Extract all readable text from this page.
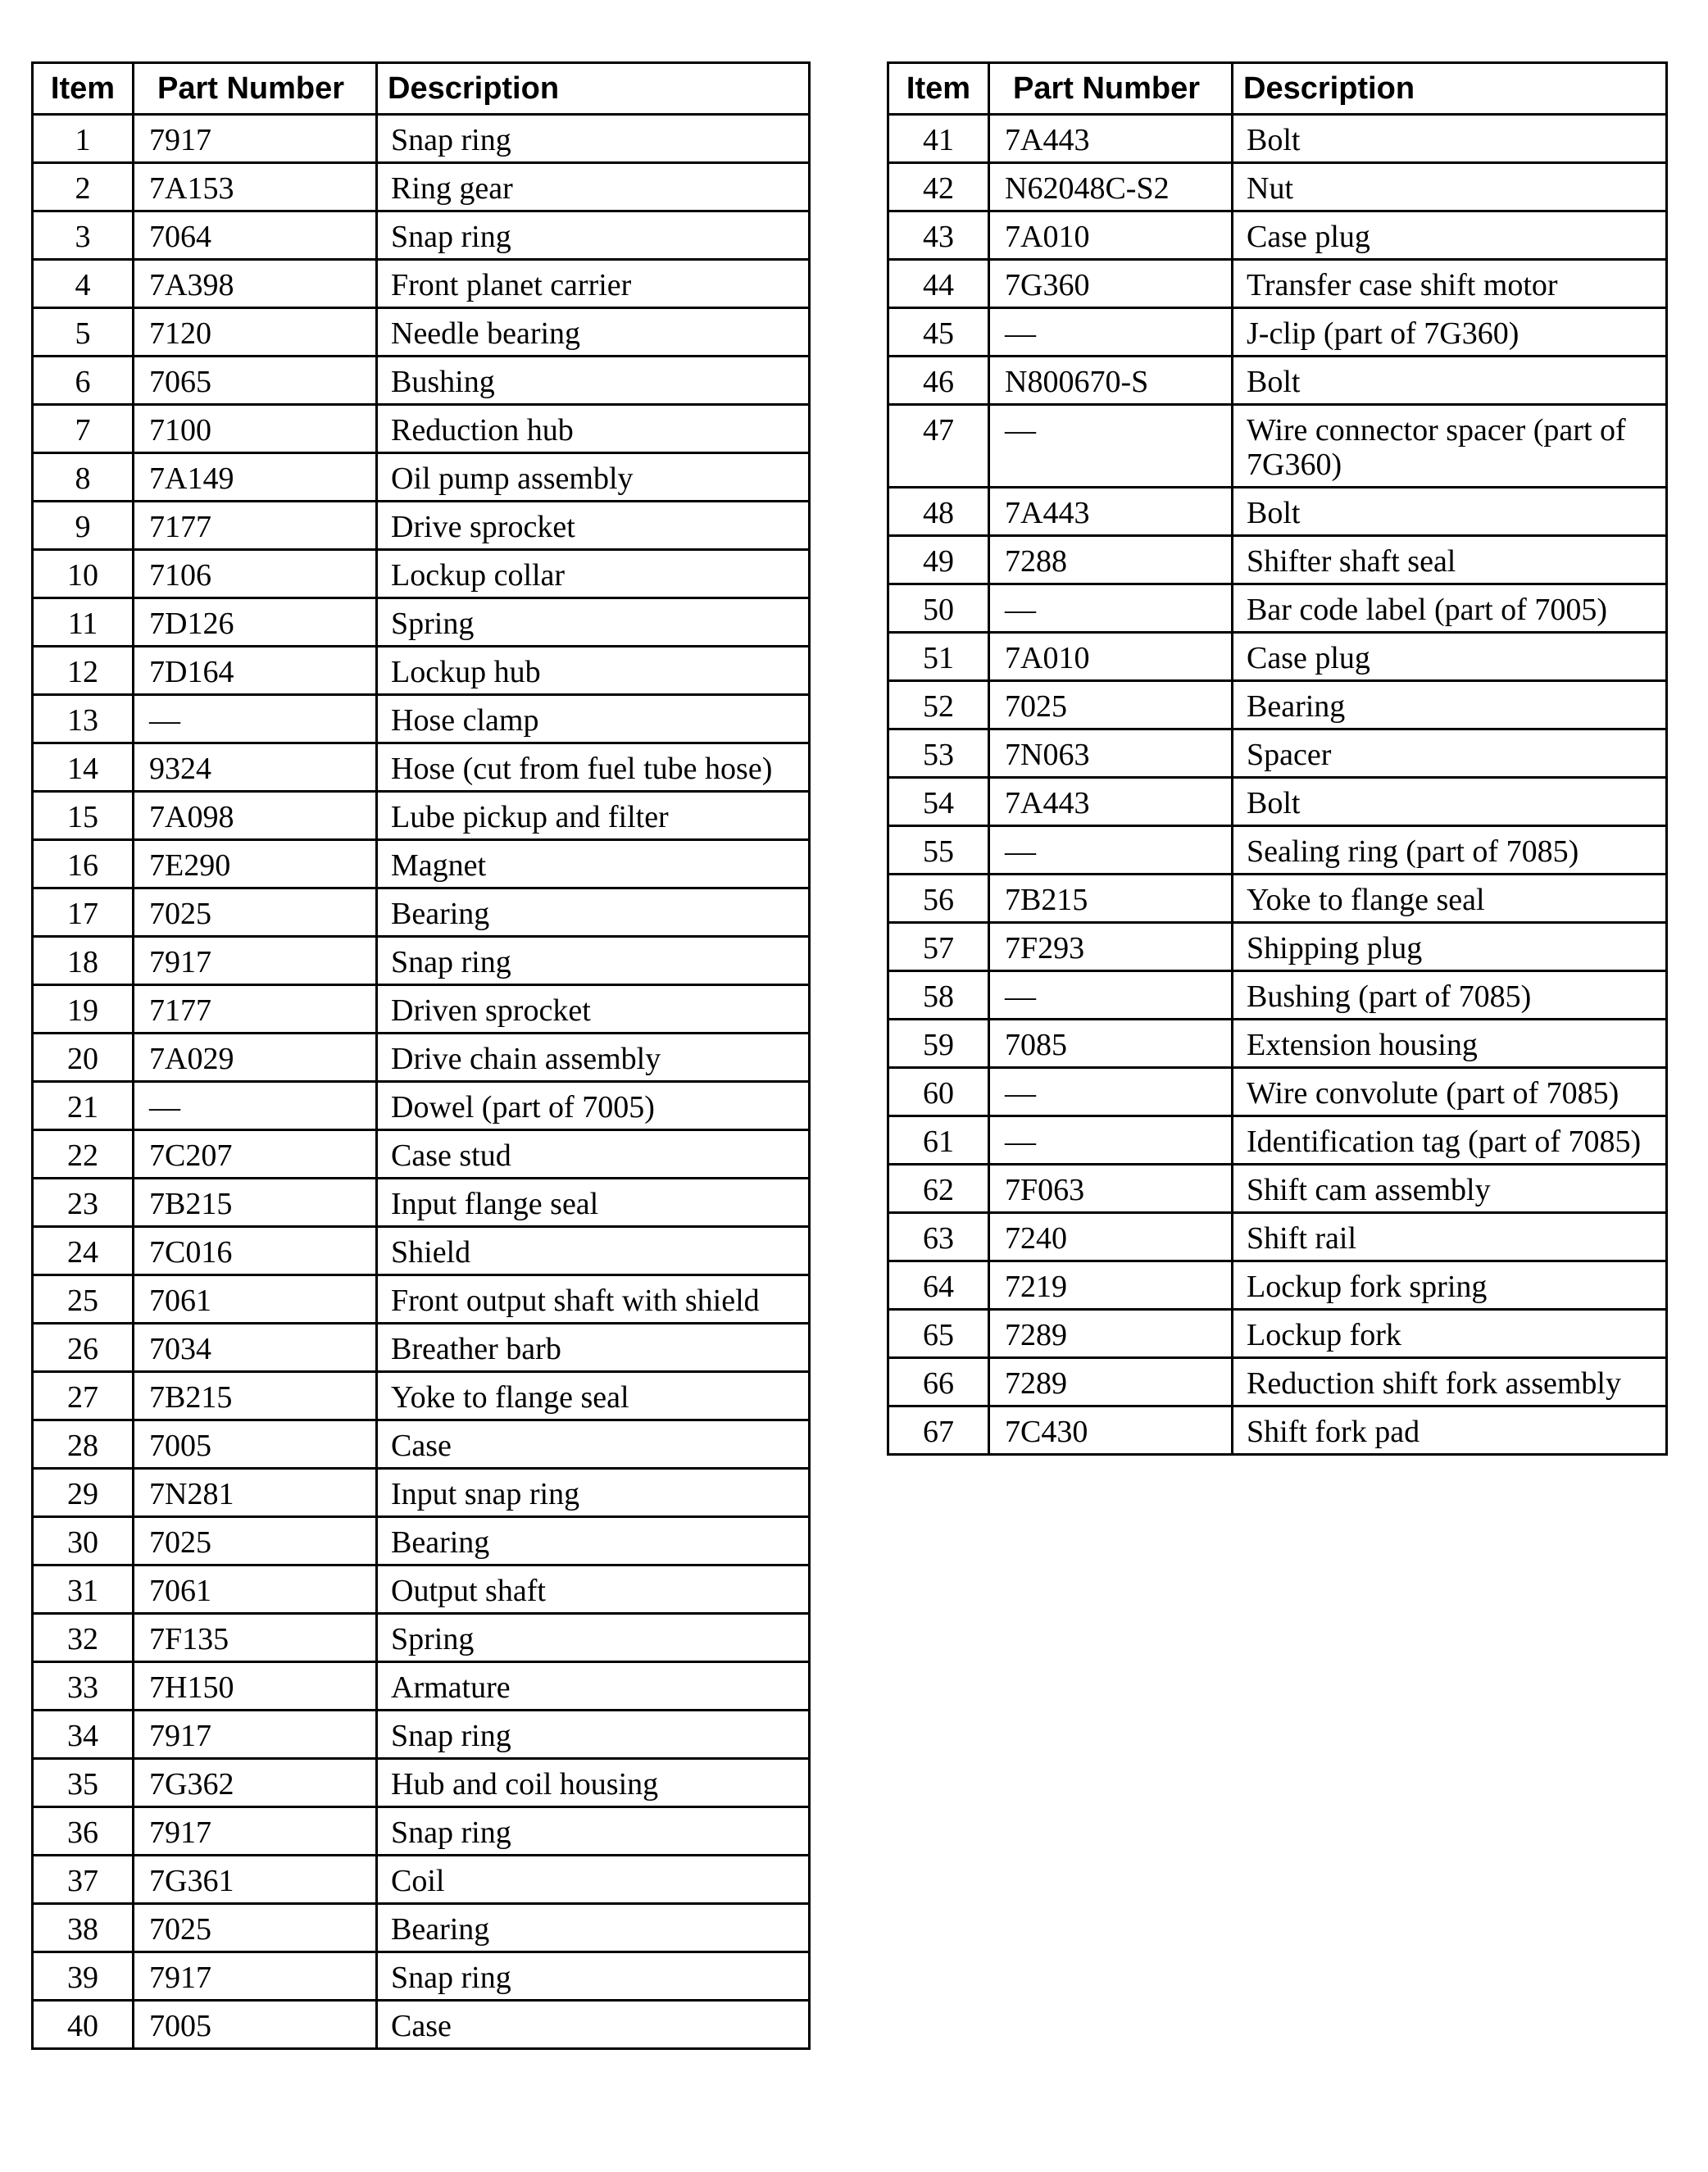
Item	Part Number	Description
1	7917	Snap ring
2	7A153	Ring gear
3	7064	Snap ring
4	7A398	Front planet carrier
5	7120	Needle bearing
6	7065	Bushing
7	7100	Reduction hub
8	7A149	Oil pump assembly
9	7177	Drive sprocket
10	7106	Lockup collar
11	7D126	Spring
12	7D164	Lockup hub
13	—	Hose clamp
14	9324	Hose (cut from fuel tube hose)
15	7A098	Lube pickup and filter
16	7E290	Magnet
17	7025	Bearing
18	7917	Snap ring
19	7177	Driven sprocket
20	7A029	Drive chain assembly
21	—	Dowel (part of 7005)
22	7C207	Case stud
23	7B215	Input flange seal
24	7C016	Shield
25	7061	Front output shaft with shield
26	7034	Breather barb
27	7B215	Yoke to flange seal
28	7005	Case
29	7N281	Input snap ring
30	7025	Bearing
31	7061	Output shaft
32	7F135	Spring
33	7H150	Armature
34	7917	Snap ring
35	7G362	Hub and coil housing
36	7917	Snap ring
37	7G361	Coil
38	7025	Bearing
39	7917	Snap ring
40	7005	Case
Item	Part Number	Description
41	7A443	Bolt
42	N62048C-S2	Nut
43	7A010	Case plug
44	7G360	Transfer case shift motor
45	—	J-clip (part of 7G360)
46	N800670-S	Bolt
47	—	Wire connector spacer (part of 7G360)
48	7A443	Bolt
49	7288	Shifter shaft seal
50	—	Bar code label (part of 7005)
51	7A010	Case plug
52	7025	Bearing
53	7N063	Spacer
54	7A443	Bolt
55	—	Sealing ring (part of 7085)
56	7B215	Yoke to flange seal
57	7F293	Shipping plug
58	—	Bushing (part of 7085)
59	7085	Extension housing
60	—	Wire convolute (part of 7085)
61	—	Identification tag (part of 7085)
62	7F063	Shift cam assembly
63	7240	Shift rail
64	7219	Lockup fork spring
65	7289	Lockup fork
66	7289	Reduction shift fork assembly
67	7C430	Shift fork pad
